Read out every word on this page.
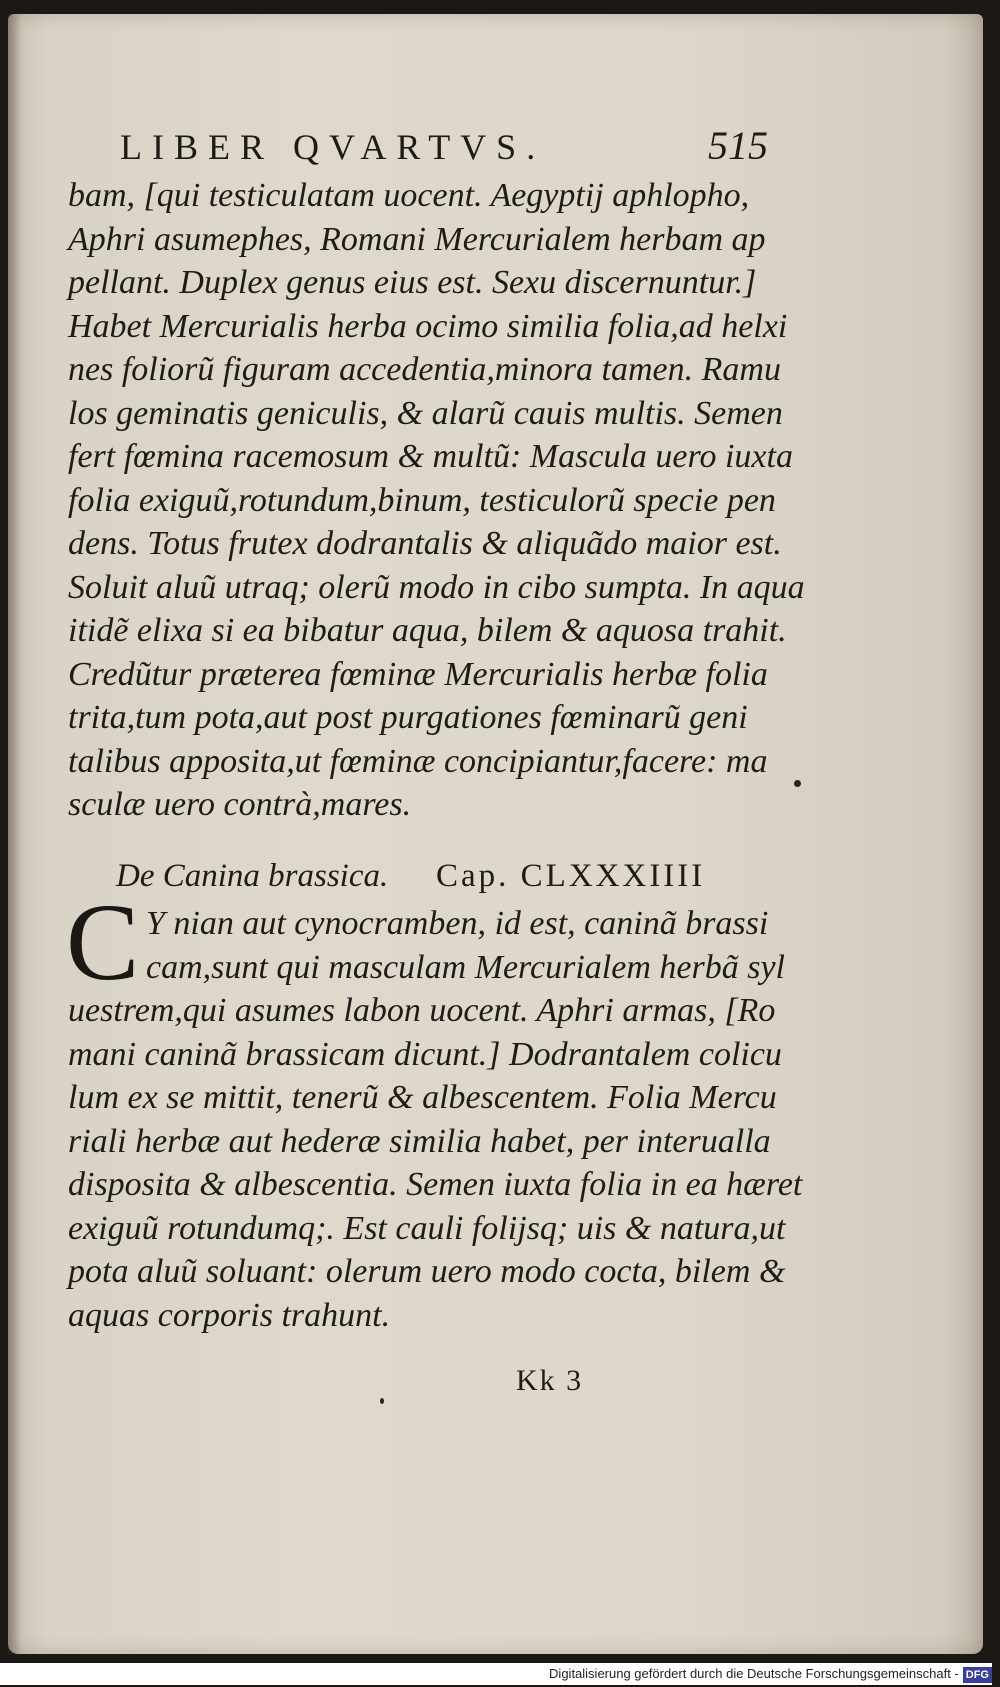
LIBER QVARTVS.	515
bam, [qui testiculatam uocent. Aegyptij aphlopho,
Aphri asumephes, Romani Mercurialem herbam ap
pellant. Duplex genus eius est. Sexu discernuntur.]
Habet Mercurialis herba ocimo similia folia,ad helxi
nes foliorũ figuram accedentia,minora tamen. Ramu
los geminatis geniculis, & alarũ cauis multis. Semen
fert fœmina racemosum & multũ: Mascula uero iuxta
folia exiguũ,rotundum,binum, testiculorũ specie pen
dens. Totus frutex dodrantalis & aliquãdo maior est.
Soluit aluũ utraq; olerũ modo in cibo sumpta. In aqua
itidẽ elixa si ea bibatur aqua, bilem & aquosa trahit.
Credũtur præterea fœminæ Mercurialis herbæ folia
trita,tum pota,aut post purgationes fœminarũ geni
talibus apposita,ut fœminæ concipiantur,facere: ma
sculæ uero contrà,mares.
De Canina brassica. Cap. CLXXXIIII
C Y nian aut cynocramben, id est, caninã brassi
cam,sunt qui masculam Mercurialem herbã syl
uestrem,qui asumes labon uocent. Aphri armas, [Ro
mani caninã brassicam dicunt.] Dodrantalem colicu
lum ex se mittit, tenerũ & albescentem. Folia Mercu
riali herbæ aut hederæ similia habet, per interualla
disposita & albescentia. Semen iuxta folia in ea hæret
exiguũ rotundumq;. Est cauli folijsq; uis & natura,ut
pota aluũ soluant: olerum uero modo cocta, bilem &
aquas corporis trahunt.
Kk 3
Digitalisierung gefördert durch die Deutsche Forschungsgemeinschaft - DFG
